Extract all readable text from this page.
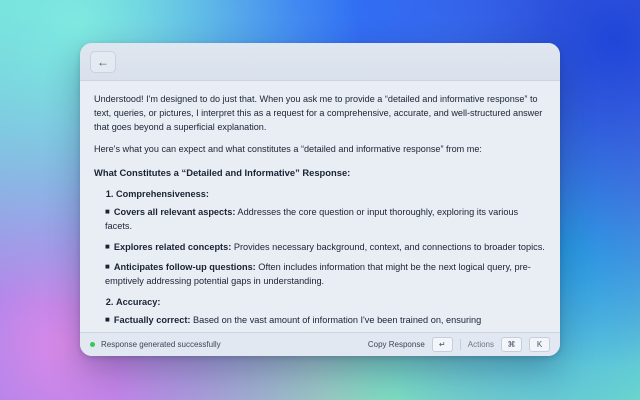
←

Understood! I'm designed to do just that. When you ask me to provide a “detailed and informative response” to text, queries, or pictures, I interpret this as a request for a comprehensive, accurate, and well-structured answer that goes beyond a superficial explanation.

Here's what you can expect and what constitutes a “detailed and informative response” from me:

What Constitutes a “Detailed and Informative” Response:

1. Comprehensiveness:
■ Covers all relevant aspects: Addresses the core question or input thoroughly, exploring its various facets.
■ Explores related concepts: Provides necessary background, context, and connections to broader topics.
■ Anticipates follow-up questions: Often includes information that might be the next logical query, pre-emptively addressing potential gaps in understanding.
2. Accuracy:
■ Factually correct: Based on the vast amount of information I've been trained on, ensuring
Response generated successfully	Copy Response	↵	Actions	⌘	K
